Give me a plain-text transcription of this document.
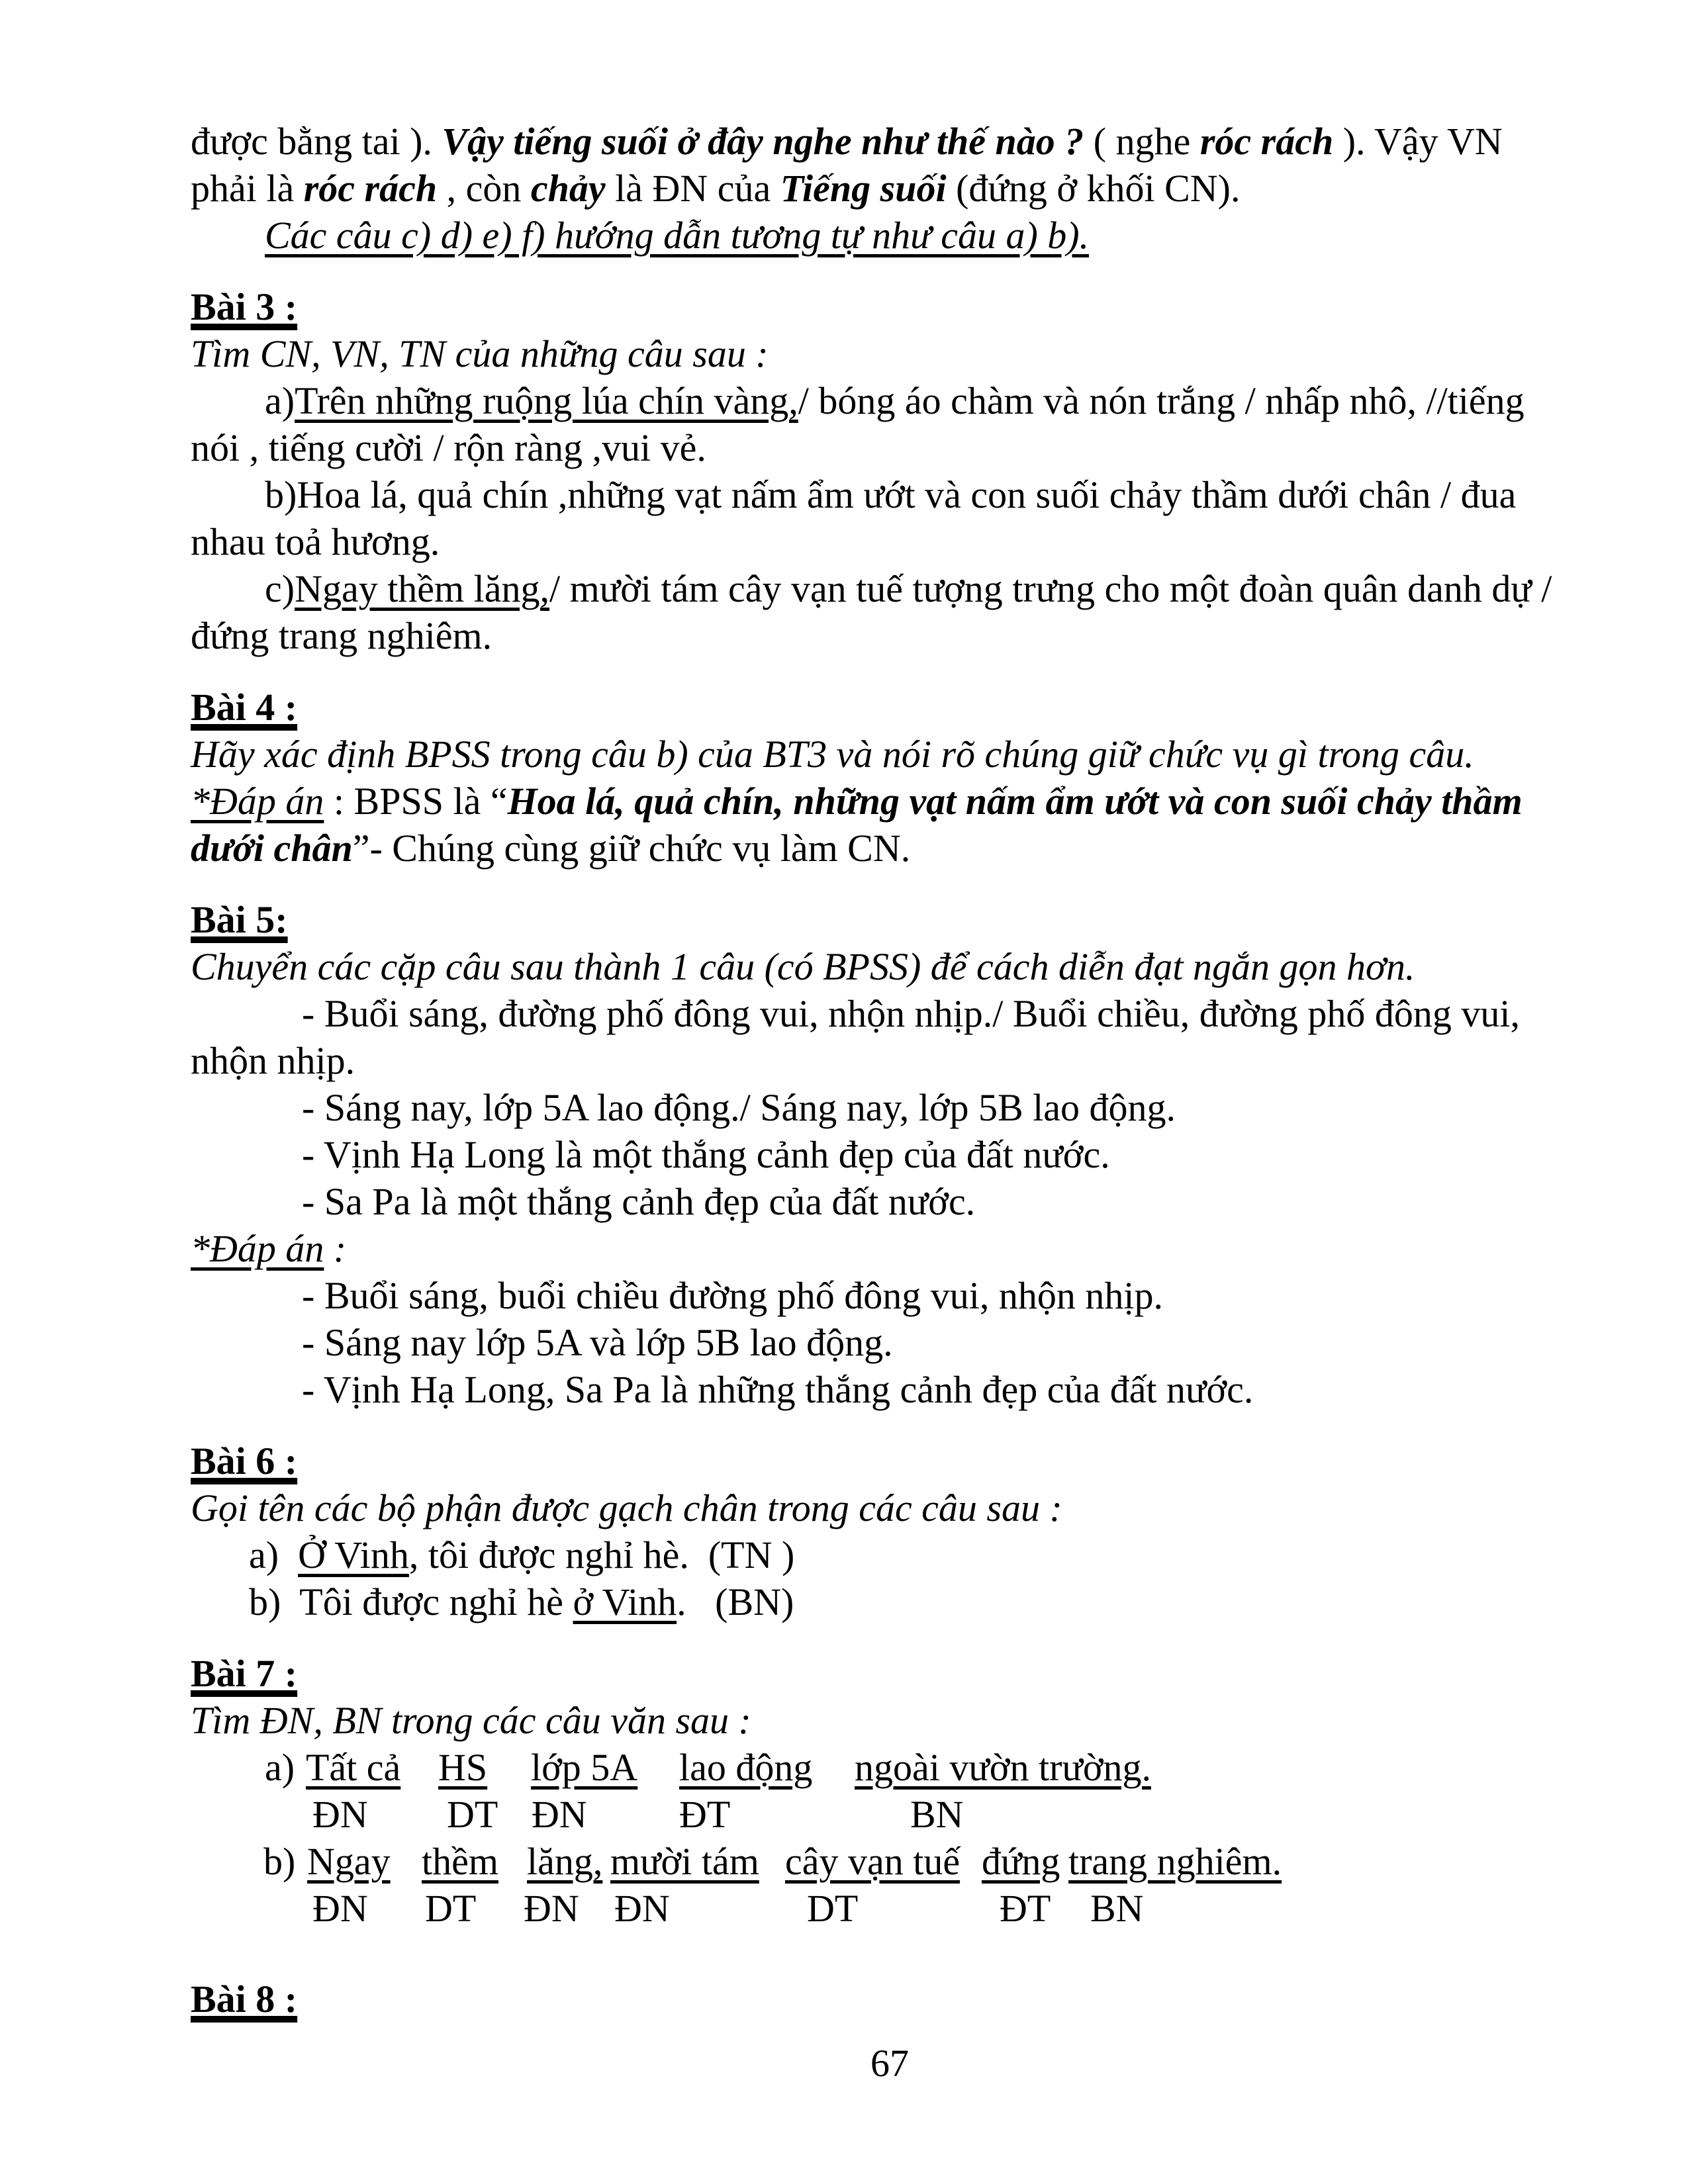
được bằng tai ). Vậy tiếng suối ở đây nghe như thế nào ? ( nghe róc rách ). Vậy VN
phải là róc rách , còn chảy là ĐN của Tiếng suối (đứng ở khối CN).
Các câu c) d) e) f) hướng dẫn tương tự như câu a) b).
Bài 3 :
Tìm CN, VN, TN của những câu sau :
a)Trên những ruộng lúa chín vàng,/ bóng áo chàm và nón trắng / nhấp nhô, //tiếng
nói , tiếng cười / rộn ràng ,vui vẻ.
b)Hoa lá, quả chín ,những vạt nấm ẩm ướt và con suối chảy thầm dưới chân / đua
nhau toả hương.
c)Ngay thềm lăng,/ mười tám cây vạn tuế tượng trưng cho một đoàn quân danh dự /
đứng trang nghiêm.
Bài 4 :
Hãy xác định BPSS trong câu b) của BT3 và nói rõ chúng giữ chức vụ gì trong câu.
*Đáp án : BPSS là “Hoa lá, quả chín, những vạt nấm ẩm ướt và con suối chảy thầm
dưới chân”- Chúng cùng giữ chức vụ làm CN.
Bài 5:
Chuyển các cặp câu sau thành 1 câu (có BPSS) để cách diễn đạt ngắn gọn hơn.
- Buổi sáng, đường phố đông vui, nhộn nhịp./ Buổi chiều, đường phố đông vui,
nhộn nhịp.
- Sáng nay, lớp 5A lao động./ Sáng nay, lớp 5B lao động.
- Vịnh Hạ Long là một thắng cảnh đẹp của đất nước.
- Sa Pa là một thắng cảnh đẹp của đất nước.
*Đáp án :
- Buổi sáng, buổi chiều đường phố đông vui, nhộn nhịp.
- Sáng nay lớp 5A và lớp 5B lao động.
- Vịnh Hạ Long, Sa Pa là những thắng cảnh đẹp của đất nước.
Bài 6 :
Gọi tên các bộ phận được gạch chân trong các câu sau :
a)  Ở Vinh, tôi được nghỉ hè.  (TN )
b)  Tôi được nghỉ hè ở Vinh.   (BN)
Bài 7 :
Tìm ĐN, BN trong các câu văn sau :
a) Tất cả HS lớp 5A lao động ngoài vườn trường.
ĐN DT ĐN ĐT	BN
b) Ngay thềm lăng, mười tám cây vạn tuế đứng trang nghiêm.
ĐN DT ĐN ĐN	DT	ĐT BN
Bài 8 :
67
